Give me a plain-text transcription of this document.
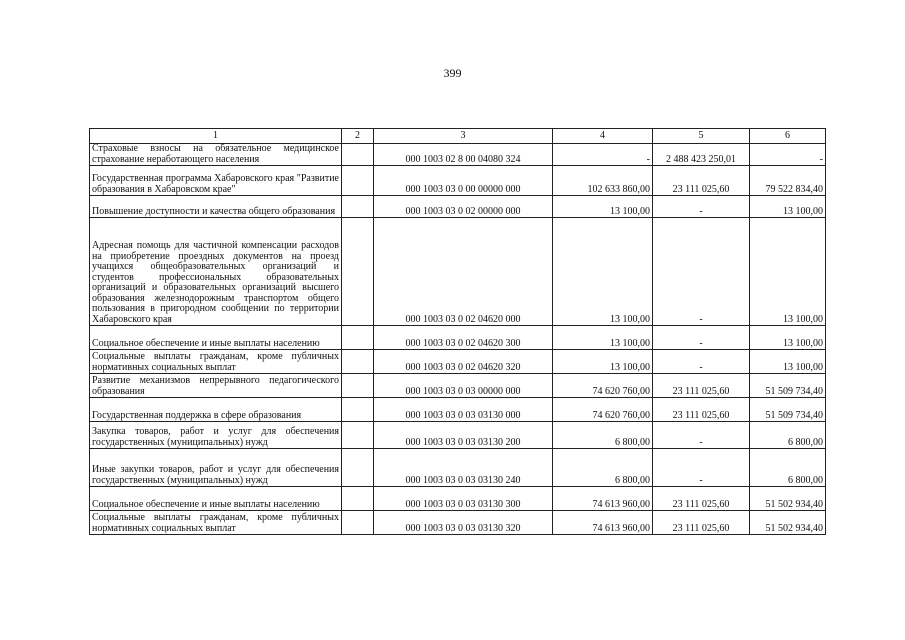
399
1	2	3	4	5	6
Страховые взносы на обязательное медицинское страхование неработающего населения		000 1003 02 8 00 04080 324	-	2 488 423 250,01	-
Государственная программа Хабаровского края "Развитие образования в Хабаровском крае"		000 1003 03 0 00 00000 000	102 633 860,00	23 111 025,60	79 522 834,40
Повышение доступности и качества общего образования		000 1003 03 0 02 00000 000	13 100,00	-	13 100,00
Адресная помощь для частичной компенсации расходов на приобретение проездных документов на проезд учащихся общеобразовательных организаций и студентов профессиональных образовательных организаций и образовательных организаций высшего образования железнодорожным транспортом общего пользования в пригородном сообщении по территории Хабаровского края		000 1003 03 0 02 04620 000	13 100,00	-	13 100,00
Социальное обеспечение и иные выплаты населению		000 1003 03 0 02 04620 300	13 100,00	-	13 100,00
Социальные выплаты гражданам, кроме публичных нормативных социальных выплат		000 1003 03 0 02 04620 320	13 100,00	-	13 100,00
Развитие механизмов непрерывного педагогического образования		000 1003 03 0 03 00000 000	74 620 760,00	23 111 025,60	51 509 734,40
Государственная поддержка в сфере образования		000 1003 03 0 03 03130 000	74 620 760,00	23 111 025,60	51 509 734,40
Закупка товаров, работ и услуг для обеспечения государственных (муниципальных) нужд		000 1003 03 0 03 03130 200	6 800,00	-	6 800,00
Иные закупки товаров, работ и услуг для обеспечения государственных (муниципальных) нужд		000 1003 03 0 03 03130 240	6 800,00	-	6 800,00
Социальное обеспечение и иные выплаты населению		000 1003 03 0 03 03130 300	74 613 960,00	23 111 025,60	51 502 934,40
Социальные выплаты гражданам, кроме публичных нормативных социальных выплат		000 1003 03 0 03 03130 320	74 613 960,00	23 111 025,60	51 502 934,40
